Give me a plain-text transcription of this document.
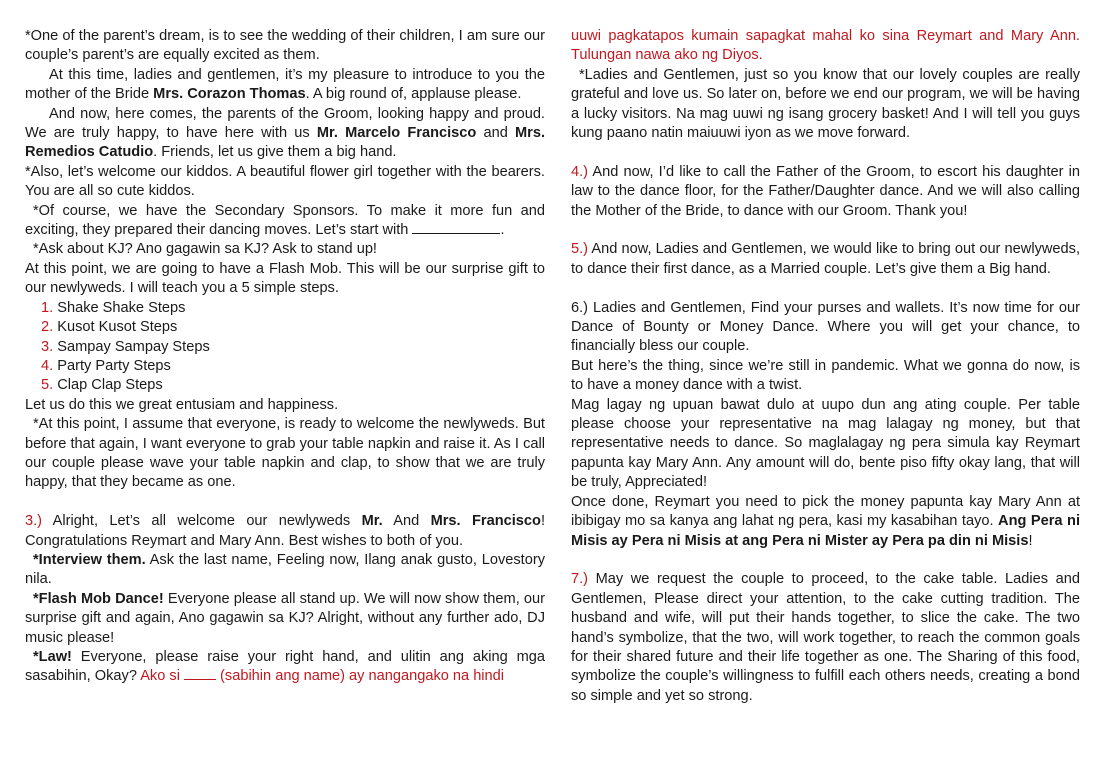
*One of the parent’s dream, is to see the wedding of their children, I am sure our couple’s parent’s are equally excited as them.

At this time, ladies and gentlemen, it’s my pleasure to introduce to you the mother of the Bride Mrs. Corazon Thomas. A big round of, applause please.

And now, here comes, the parents of the Groom, looking happy and proud. We are truly happy, to have here with us Mr. Marcelo Francisco and Mrs. Remedios Catudio. Friends, let us give them a big hand.

*Also, let’s welcome our kiddos. A beautiful flower girl together with the bearers. You are all so cute kiddos.

*Of course, we have the Secondary Sponsors. To make it more fun and exciting, they prepared their dancing moves. Let’s start with	.

*Ask about KJ? Ano gagawin sa KJ? Ask to stand up!

At this point, we are going to have a Flash Mob. This will be our surprise gift to our newlyweds. I will teach you a 5 simple steps.

1. Shake Shake Steps
2. Kusot Kusot Steps
3. Sampay Sampay Steps
4. Party Party Steps
5. Clap Clap Steps

Let us do this we great entusiam and happiness.

*At this point, I assume that everyone, is ready to welcome the newlyweds. But before that again, I want everyone to grab your table napkin and raise it. As I call our couple please wave your table napkin and clap, to show that we are truly happy, that they became as one.

3.) Alright, Let’s all welcome our newlyweds Mr. And Mrs. Francisco! Congratulations Reymart and Mary Ann. Best wishes to both of you.

*Interview them. Ask the last name, Feeling now, Ilang anak gusto, Lovestory nila.

*Flash Mob Dance! Everyone please all stand up. We will now show them, our surprise gift and again, Ano gagawin sa KJ? Alright, without any further ado, DJ music please!

*Law! Everyone, please raise your right hand, and ulitin ang aking mga sasabihin, Okay? Ako si  (sabihin ang name) ay nangangako na hindi

uuwi pagkatapos kumain sapagkat mahal ko sina Reymart and Mary Ann. Tulungan nawa ako ng Diyos.

*Ladies and Gentlemen, just so you know that our lovely couples are really grateful and love us. So later on, before we end our program, we will be having a lucky visitors. Na mag uuwi ng isang grocery basket! And I will tell you guys kung paano natin maiuuwi iyon as we move forward.

4.) And now, I’d like to call the Father of the Groom, to escort his daughter in law to the dance floor, for the Father/Daughter dance. And we will also calling the Mother of the Bride, to dance with our Groom. Thank you!

5.) And now, Ladies and Gentlemen, we would like to bring out our newlyweds, to dance their first dance, as a Married couple. Let’s give them a Big hand.

6.) Ladies and Gentlemen, Find your purses and wallets. It’s now time for our Dance of Bounty or Money Dance. Where you will get your chance, to financially bless our couple.

But here’s the thing, since we’re still in pandemic. What we gonna do now, is to have a money dance with a twist.

Mag lagay ng upuan bawat dulo at uupo dun ang ating couple. Per table please choose your representative na mag lalagay ng money, but that representative needs to dance. So maglalagay ng pera simula kay Reymart papunta kay Mary Ann. Any amount will do, bente piso fifty okay lang, that will be truly, Appreciated!

Once done, Reymart you need to pick the money papunta kay Mary Ann at ibibigay mo sa kanya ang lahat ng pera, kasi my kasabihan tayo. Ang Pera ni Misis ay Pera ni Misis at ang Pera ni Mister ay Pera pa din ni Misis!

7.) May we request the couple to proceed, to the cake table. Ladies and Gentlemen, Please direct your attention, to the cake cutting tradition. The husband and wife, will put their hands together, to slice the cake. The two hand’s symbolize, that the two, will work together, to reach the common goals for their shared future and their life together as one. The Sharing of this food, symbolize the couple’s willingness to fulfill each others needs, creating a bond so simple and yet so strong.
